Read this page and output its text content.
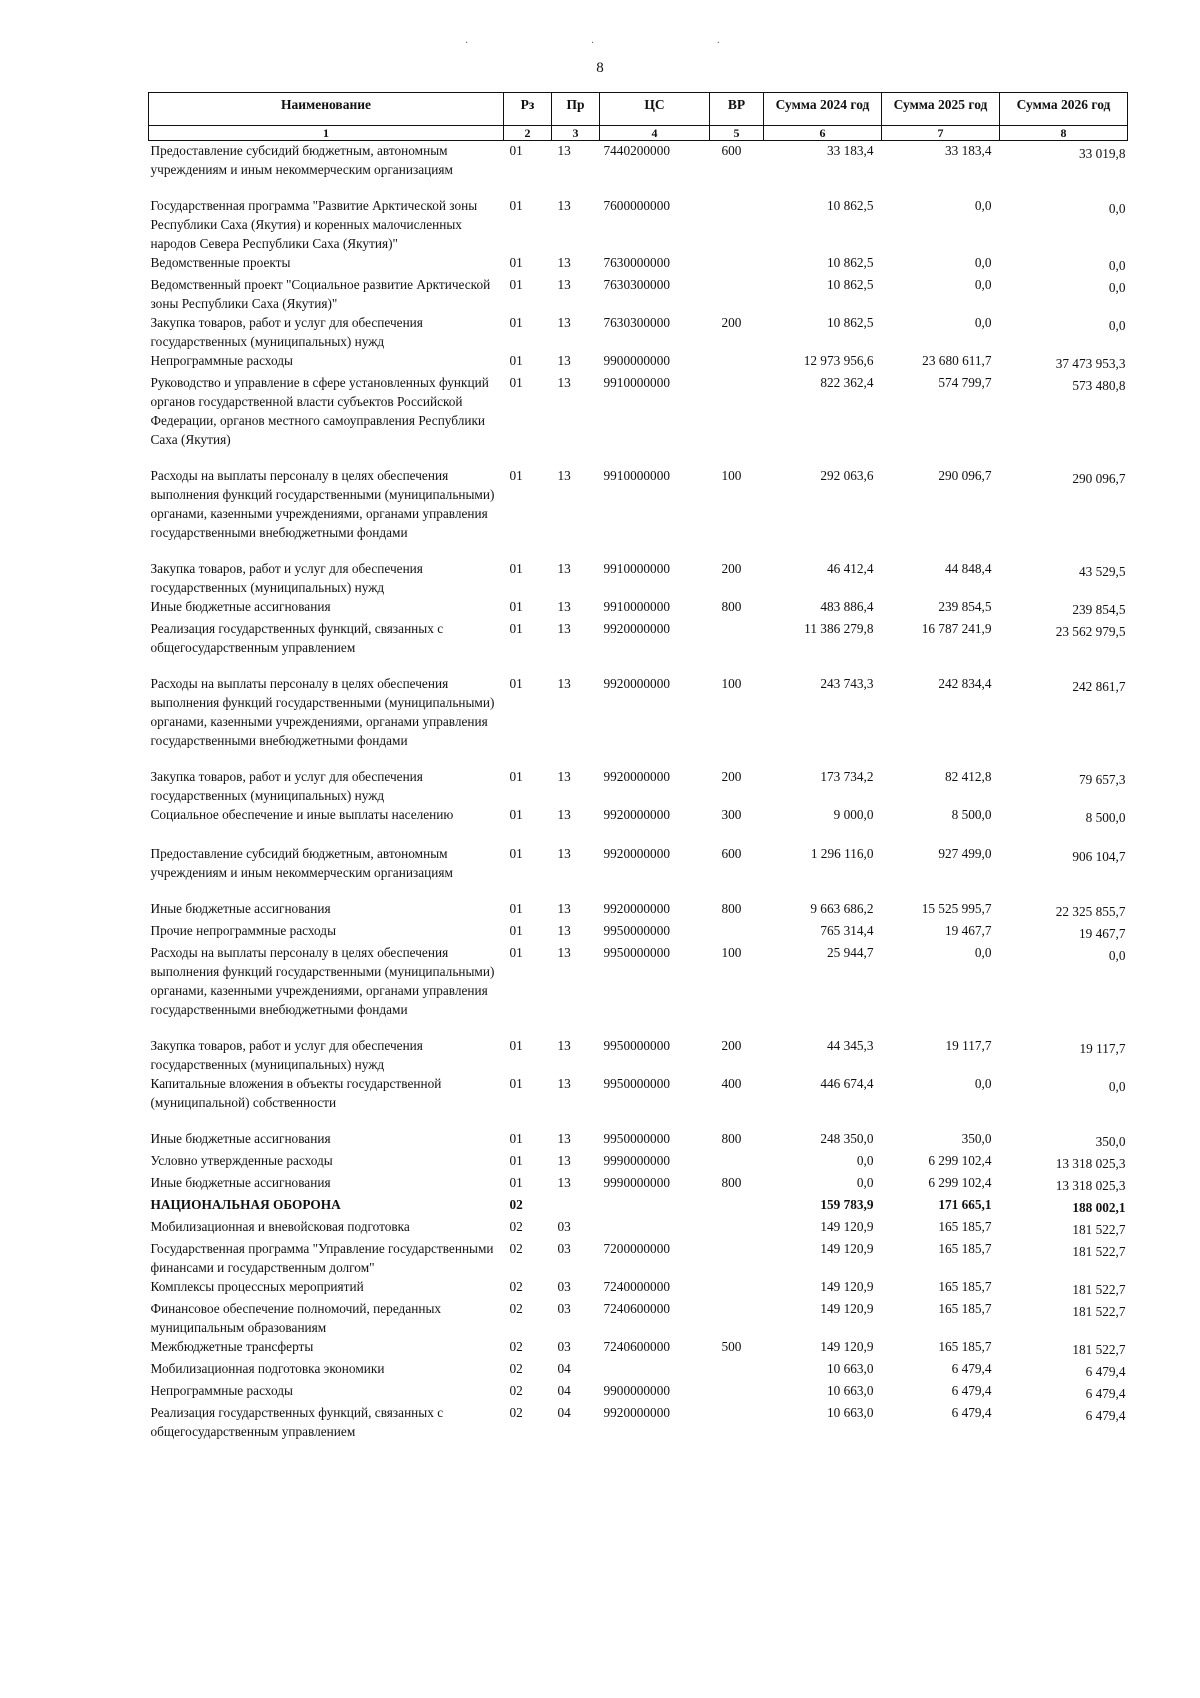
· · ·
8
Наименование	Рз	Пр	ЦС	ВР	Сумма 2024 год	Сумма 2025 год	Сумма 2026 год
1	2	3	4	5	6	7	8
Предоставление субсидий бюджетным, автономным учреждениям и иным некоммерческим организациям	01	13	7440200000	600	33 183,4	33 183,4	33 019,8
Государственная программа "Развитие Арктической зоны Республики Саха (Якутия) и коренных малочисленных народов Севера Республики Саха (Якутия)"	01	13	7600000000		10 862,5	0,0	0,0
Ведомственные проекты	01	13	7630000000		10 862,5	0,0	0,0
Ведомственный проект "Социальное развитие Арктической зоны Республики Саха (Якутия)"	01	13	7630300000		10 862,5	0,0	0,0
Закупка товаров, работ и услуг для обеспечения государственных (муниципальных) нужд	01	13	7630300000	200	10 862,5	0,0	0,0
Непрограммные расходы	01	13	9900000000		12 973 956,6	23 680 611,7	37 473 953,3
Руководство и управление в сфере установленных функций органов государственной власти субъектов Российской Федерации, органов местного самоуправления Республики Саха (Якутия)	01	13	9910000000		822 362,4	574 799,7	573 480,8
Расходы на выплаты персоналу в целях обеспечения выполнения функций государственными (муниципальными) органами, казенными учреждениями, органами управления государственными внебюджетными фондами	01	13	9910000000	100	292 063,6	290 096,7	290 096,7
Закупка товаров, работ и услуг для обеспечения государственных (муниципальных) нужд	01	13	9910000000	200	46 412,4	44 848,4	43 529,5
Иные бюджетные ассигнования	01	13	9910000000	800	483 886,4	239 854,5	239 854,5
Реализация государственных функций, связанных с общегосударственным управлением	01	13	9920000000		11 386 279,8	16 787 241,9	23 562 979,5
Расходы на выплаты персоналу в целях обеспечения выполнения функций государственными (муниципальными) органами, казенными учреждениями, органами управления государственными внебюджетными фондами	01	13	9920000000	100	243 743,3	242 834,4	242 861,7
Закупка товаров, работ и услуг для обеспечения государственных (муниципальных) нужд	01	13	9920000000	200	173 734,2	82 412,8	79 657,3
Социальное обеспечение и иные выплаты населению	01	13	9920000000	300	9 000,0	8 500,0	8 500,0
Предоставление субсидий бюджетным, автономным учреждениям и иным некоммерческим организациям	01	13	9920000000	600	1 296 116,0	927 499,0	906 104,7
Иные бюджетные ассигнования	01	13	9920000000	800	9 663 686,2	15 525 995,7	22 325 855,7
Прочие непрограммные расходы	01	13	9950000000		765 314,4	19 467,7	19 467,7
Расходы на выплаты персоналу в целях обеспечения выполнения функций государственными (муниципальными) органами, казенными учреждениями, органами управления государственными внебюджетными фондами	01	13	9950000000	100	25 944,7	0,0	0,0
Закупка товаров, работ и услуг для обеспечения государственных (муниципальных) нужд	01	13	9950000000	200	44 345,3	19 117,7	19 117,7
Капитальные вложения в объекты государственной (муниципальной) собственности	01	13	9950000000	400	446 674,4	0,0	0,0
Иные бюджетные ассигнования	01	13	9950000000	800	248 350,0	350,0	350,0
Условно утвержденные расходы	01	13	9990000000		0,0	6 299 102,4	13 318 025,3
Иные бюджетные ассигнования	01	13	9990000000	800	0,0	6 299 102,4	13 318 025,3
НАЦИОНАЛЬНАЯ ОБОРОНА	02				159 783,9	171 665,1	188 002,1
Мобилизационная и вневойсковая подготовка	02	03			149 120,9	165 185,7	181 522,7
Государственная программа "Управление государственными финансами и государственным долгом"	02	03	7200000000		149 120,9	165 185,7	181 522,7
Комплексы процессных мероприятий	02	03	7240000000		149 120,9	165 185,7	181 522,7
Финансовое обеспечение полномочий, переданных муниципальным образованиям	02	03	7240600000		149 120,9	165 185,7	181 522,7
Межбюджетные трансферты	02	03	7240600000	500	149 120,9	165 185,7	181 522,7
Мобилизационная подготовка экономики	02	04			10 663,0	6 479,4	6 479,4
Непрограммные расходы	02	04	9900000000		10 663,0	6 479,4	6 479,4
Реализация государственных функций, связанных с общегосударственным управлением	02	04	9920000000		10 663,0	6 479,4	6 479,4
